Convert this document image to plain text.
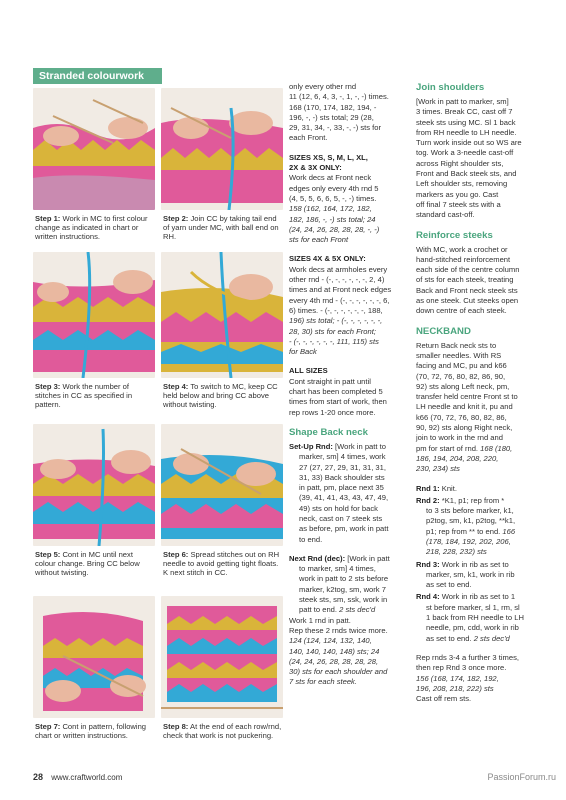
Stranded colourwork
Step 1: Work in MC to first colour change as indicated in chart or written instructions.
Step 2: Join CC by taking tail end of yarn under MC, with ball end on RH.
Step 3: Work the number of stitches in CC as specified in pattern.
Step 4: To switch to MC, keep CC held below and bring CC above without twisting.
Step 5: Cont in MC until next colour change. Bring CC below without twisting.
Step 6: Spread stitches out on RH needle to avoid getting tight floats. K next stitch in CC.
Step 7: Cont in pattern, following chart or written instructions.
Step 8: At the end of each row/rnd, check that work is not puckering.

only every other rnd
11 (12, 6, 4, 3, -, 1, -, -) times.
168 (170, 174, 182, 194, -
196, -, -) sts total; 29 (28,
29, 31, 34, -, 33, -, -) sts for
each Front.

SIZES XS, S, M, L, XL,
2X & 3X ONLY:
Work decs at Front neck
edges only every 4th rnd 5
(4, 5, 5, 6, 6, 5, -, -) times.
158 (162, 164, 172, 182,
182, 186, -, -) sts total; 24
(24, 24, 26, 28, 28, 28, -, -)
sts for each Front

SIZES 4X & 5X ONLY:
Work decs at armholes every
other rnd - (-, -, -, -, -, -, 2, 4)
times and at Front neck edges
every 4th rnd - (-, -, -, -, -, -, 6,
6) times. - (-, -, -, -, -, -, 188,
196) sts total; - (-, -, -, -, -, -,
28, 30) sts for each Front;
- (-, -, -, -, -, -, 111, 115) sts
for Back

ALL SIZES
Cont straight in patt until
chart has been completed 5
times from start of work, then
rep rows 1-20 once more.

Shape Back neck

Set-Up Rnd: [Work in patt to
marker, sm] 4 times, work
27 (27, 27, 29, 31, 31, 31,
31, 33) Back shoulder sts
in patt, pm, place next 35
(39, 41, 41, 43, 43, 47, 49,
49) sts on hold for back
neck, cast on 7 steek sts
as before, pm, work in patt
to end.

Next Rnd (dec): [Work in patt
to marker, sm] 4 times,
work in patt to 2 sts before
marker, k2tog, sm, work 7
steek sts, sm, ssk, work in
patt to end. 2 sts dec'd
Work 1 rnd in patt.
Rep these 2 rnds twice more.
124 (124, 124, 132, 140,
140, 140, 140, 148) sts; 24
(24, 24, 26, 28, 28, 28, 28,
30) sts for each shoulder and
7 sts for each steek.

Join shoulders

[Work in patt to marker, sm]
3 times. Break CC, cast off 7
steek sts using MC. Sl 1 back
from RH needle to LH needle.
Turn work inside out so WS are
tog. Work a 3-needle cast-off
across Right shoulder sts,
Front and Back steek sts, and
Left shoulder sts, removing
markers as you go. Cast
off final 7 steek sts with a
standard cast-off.

Reinforce steeks

With MC, work a crochet or
hand-stitched reinforcement
each side of the centre column
of sts for each steek, treating
Back and Front neck steek sts
as one steek. Cut steeks open
down centre of each steek.

NECKBAND

Return Back neck sts to
smaller needles. With RS
facing and MC, pu and k66
(70, 72, 76, 80, 82, 86, 90,
92) sts along Left neck, pm,
transfer held centre Front st to
LH needle and knit it, pu and
k66 (70, 72, 76, 80, 82, 86,
90, 92) sts along Right neck,
join to work in the rnd and
pm for start of rnd. 168 (180,
186, 194, 204, 208, 220,
230, 234) sts

Rnd 1: Knit.

Rnd 2: *K1, p1; rep from *
to 3 sts before marker, k1,
p2tog, sm, k1, p2tog, **k1,
p1; rep from ** to end. 166
(178, 184, 192, 202, 206,
218, 228, 232) sts

Rnd 3: Work in rib as set to
marker, sm, k1, work in rib
as set to end.

Rnd 4: Work in rib as set to 1
st before marker, sl 1, rm, sl
1 back from RH needle to LH
needle, pm, cdd, work in rib
as set to end. 2 sts dec'd

Rep rnds 3-4 a further 3 times,
then rep Rnd 3 once more.
156 (168, 174, 182, 192,
196, 208, 218, 222) sts
Cast off rem sts.

28 www.craftworld.com	PassionForum.ru
